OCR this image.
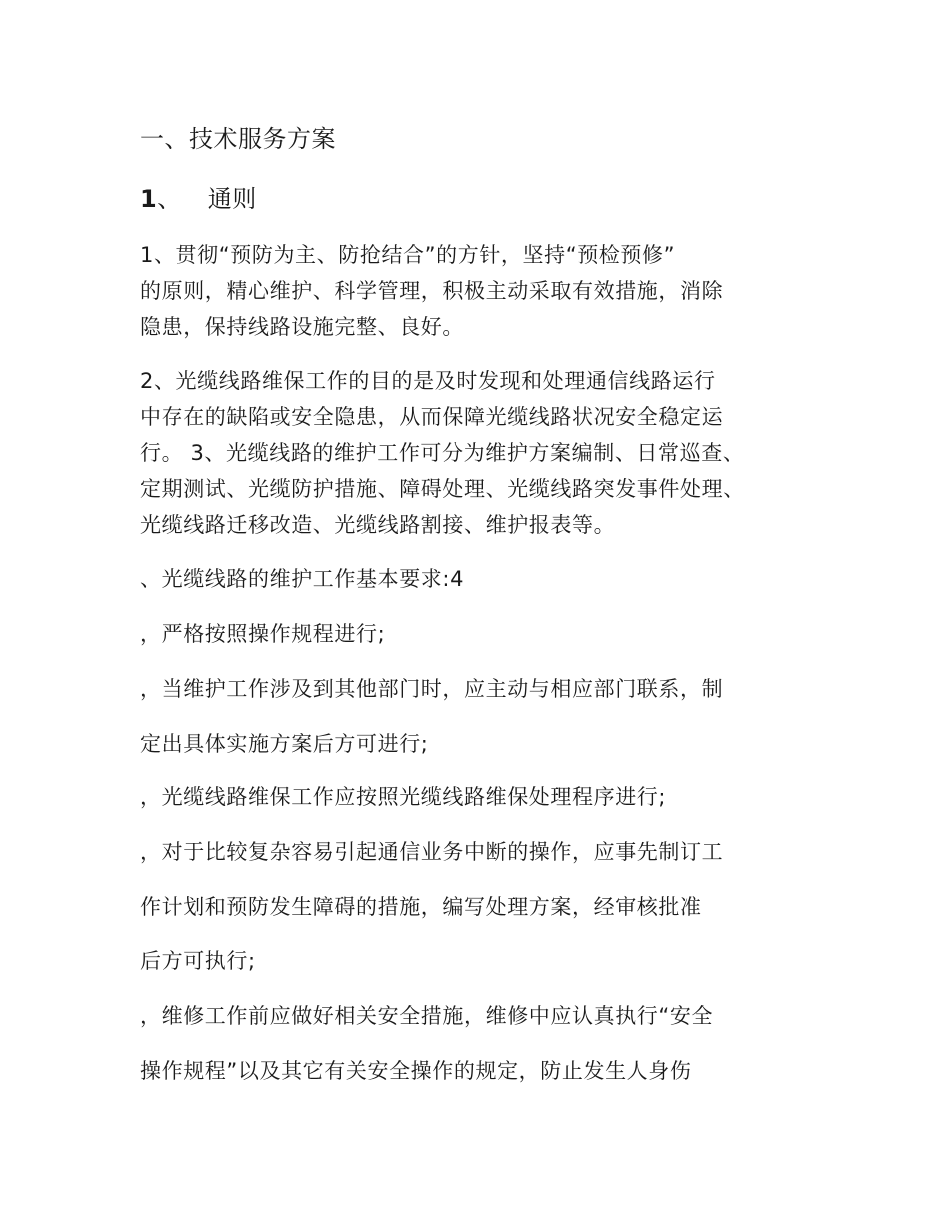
一、技术服务方案
1、 通则
1、贯彻“预防为主、防抢结合”的方针，坚持“预检预修”
的原则，精心维护、科学管理，积极主动采取有效措施，消除
隐患，保持线路设施完整、良好。
2、光缆线路维保工作的目的是及时发现和处理通信线路运行
中存在的缺陷或安全隐患，从而保障光缆线路状况安全稳定运
行。 3、光缆线路的维护工作可分为维护方案编制、日常巡查、
定期测试、光缆防护措施、障碍处理、光缆线路突发事件处理、
光缆线路迁移改造、光缆线路割接、维护报表等。
、光缆线路的维护工作基本要求:4
，严格按照操作规程进行;
，当维护工作涉及到其他部门时，应主动与相应部门联系，制
定出具体实施方案后方可进行;
，光缆线路维保工作应按照光缆线路维保处理程序进行;
，对于比较复杂容易引起通信业务中断的操作，应事先制订工
作计划和预防发生障碍的措施，编写处理方案，经审核批准
后方可执行;
，维修工作前应做好相关安全措施，维修中应认真执行“安全
操作规程”以及其它有关安全操作的规定，防止发生人身伤
